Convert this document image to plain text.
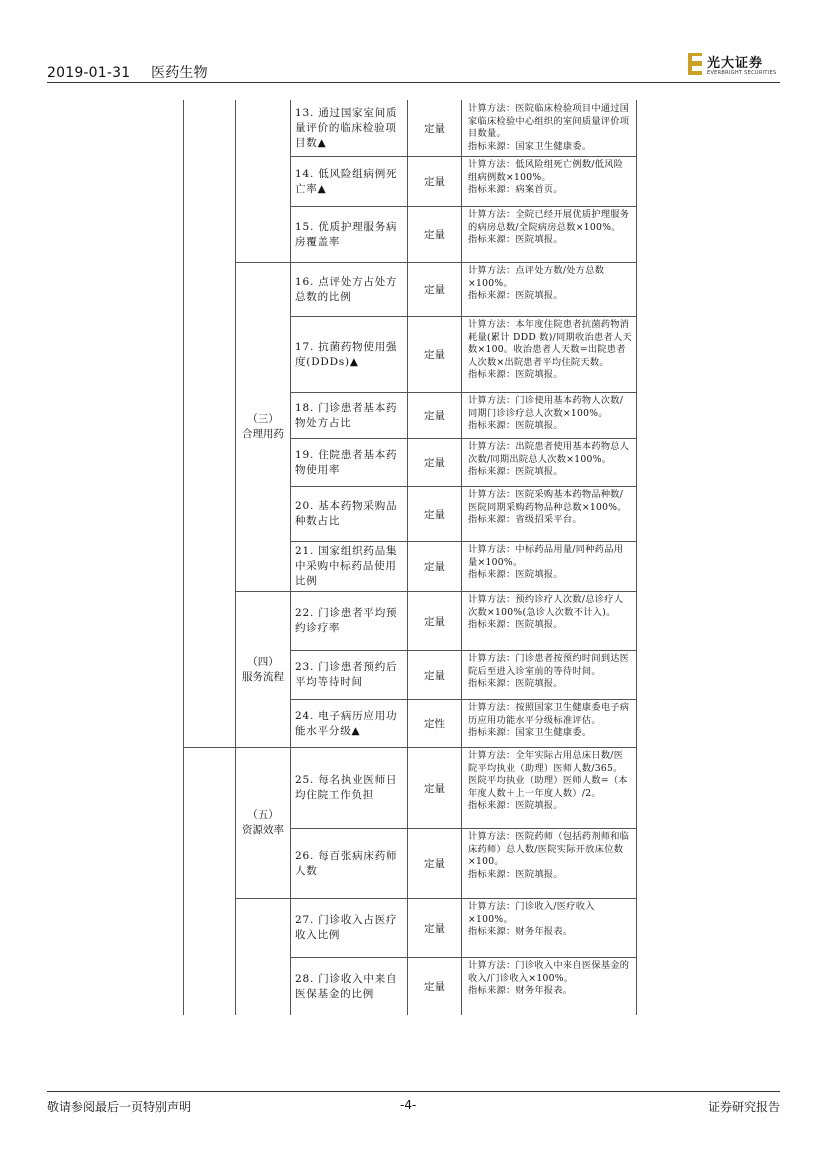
2019-01-31 医药生物
光大证券
EVERBRIGHT SECURITIES
13. 通过国家室间质量评价的临床检验项目数▲
定量
计算方法：医院临床检验项目中通过国家临床检验中心组织的室间质量评价项目数量。
指标来源：国家卫生健康委。
14. 低风险组病例死亡率▲
定量
计算方法：低风险组死亡例数/低风险组病例数×100%。
指标来源：病案首页。
15. 优质护理服务病房覆盖率
定量
计算方法：全院已经开展优质护理服务的病房总数/全院病房总数×100%。
指标来源：医院填报。
16. 点评处方占处方总数的比例
定量
计算方法：点评处方数/处方总数×100%。
指标来源：医院填报。
17. 抗菌药物使用强度(DDDs)▲
定量
计算方法：本年度住院患者抗菌药物消耗量(累计 DDD 数)/同期收治患者人天数×100。收治患者人天数=出院患者人次数×出院患者平均住院天数。
指标来源：医院填报。
18. 门诊患者基本药物处方占比
定量
计算方法：门诊使用基本药物人次数/同期门诊诊疗总人次数×100%。
指标来源：医院填报。
19. 住院患者基本药物使用率
定量
计算方法：出院患者使用基本药物总人次数/同期出院总人次数×100%。
指标来源：医院填报。
20. 基本药物采购品种数占比
定量
计算方法：医院采购基本药物品种数/医院同期采购药物品种总数×100%。
指标来源：省级招采平台。
21. 国家组织药品集中采购中标药品使用比例
定量
计算方法：中标药品用量/同种药品用量×100%。
指标来源：医院填报。
22. 门诊患者平均预约诊疗率
定量
计算方法：预约诊疗人次数/总诊疗人次数×100%(急诊人次数不计入)。
指标来源：医院填报。
23. 门诊患者预约后平均等待时间
定量
计算方法：门诊患者按预约时间到达医院后至进入诊室前的等待时间。
指标来源：医院填报。
24. 电子病历应用功能水平分级▲
定性
计算方法：按照国家卫生健康委电子病历应用功能水平分级标准评估。
指标来源：国家卫生健康委。
25. 每名执业医师日均住院工作负担
定量
计算方法：全年实际占用总床日数/医院平均执业（助理）医师人数/365。医院平均执业（助理）医师人数=（本年度人数＋上一年度人数）/2。
指标来源：医院填报。
26. 每百张病床药师人数
定量
计算方法：医院药师（包括药剂师和临床药师）总人数/医院实际开放床位数×100。
指标来源：医院填报。
27. 门诊收入占医疗收入比例
定量
计算方法：门诊收入/医疗收入×100%。
指标来源：财务年报表。
28. 门诊收入中来自医保基金的比例
定量
计算方法：门诊收入中来自医保基金的收入/门诊收入×100%。
指标来源：财务年报表。
（三）
合理用药
（四）
服务流程
（五）
资源效率
敬请参阅最后一页特别声明	-4-	证券研究报告
